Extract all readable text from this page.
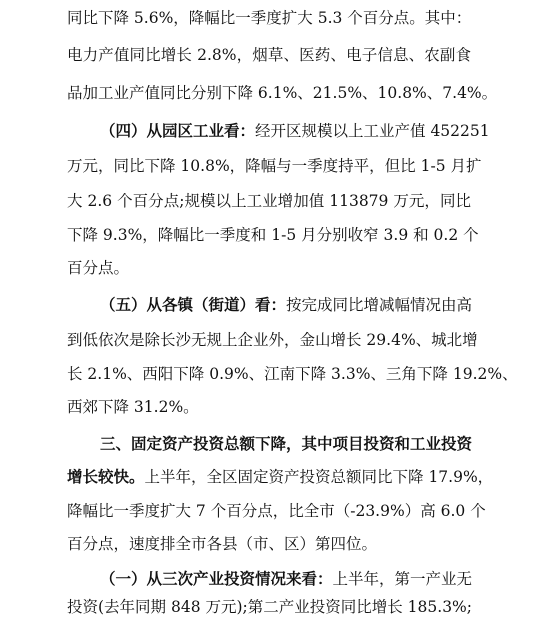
同比下降 5.6%，降幅比一季度扩大 5.3 个百分点。其中：
电力产值同比增长 2.8%，烟草、医药、电子信息、农副食
品加工业产值同比分别下降 6.1%、21.5%、10.8%、7.4%。
（四）从园区工业看：经开区规模以上工业产值 452251
万元，同比下降 10.8%，降幅与一季度持平，但比 1-5 月扩
大 2.6 个百分点;规模以上工业增加值 113879 万元，同比
下降 9.3%，降幅比一季度和 1-5 月分别收窄 3.9 和 0.2 个
百分点。
（五）从各镇（街道）看：按完成同比增减幅情况由高
到低依次是除长沙无规上企业外，金山增长 29.4%、城北增
长 2.1%、西阳下降 0.9%、江南下降 3.3%、三角下降 19.2%、
西郊下降 31.2%。
三、固定资产投资总额下降，其中项目投资和工业投资
增长较快。上半年，全区固定资产投资总额同比下降 17.9%，
降幅比一季度扩大 7 个百分点，比全市（-23.9%）高 6.0 个
百分点，速度排全市各县（市、区）第四位。
（一）从三次产业投资情况来看：上半年，第一产业无
投资(去年同期 848 万元);第二产业投资同比增长 185.3%;
